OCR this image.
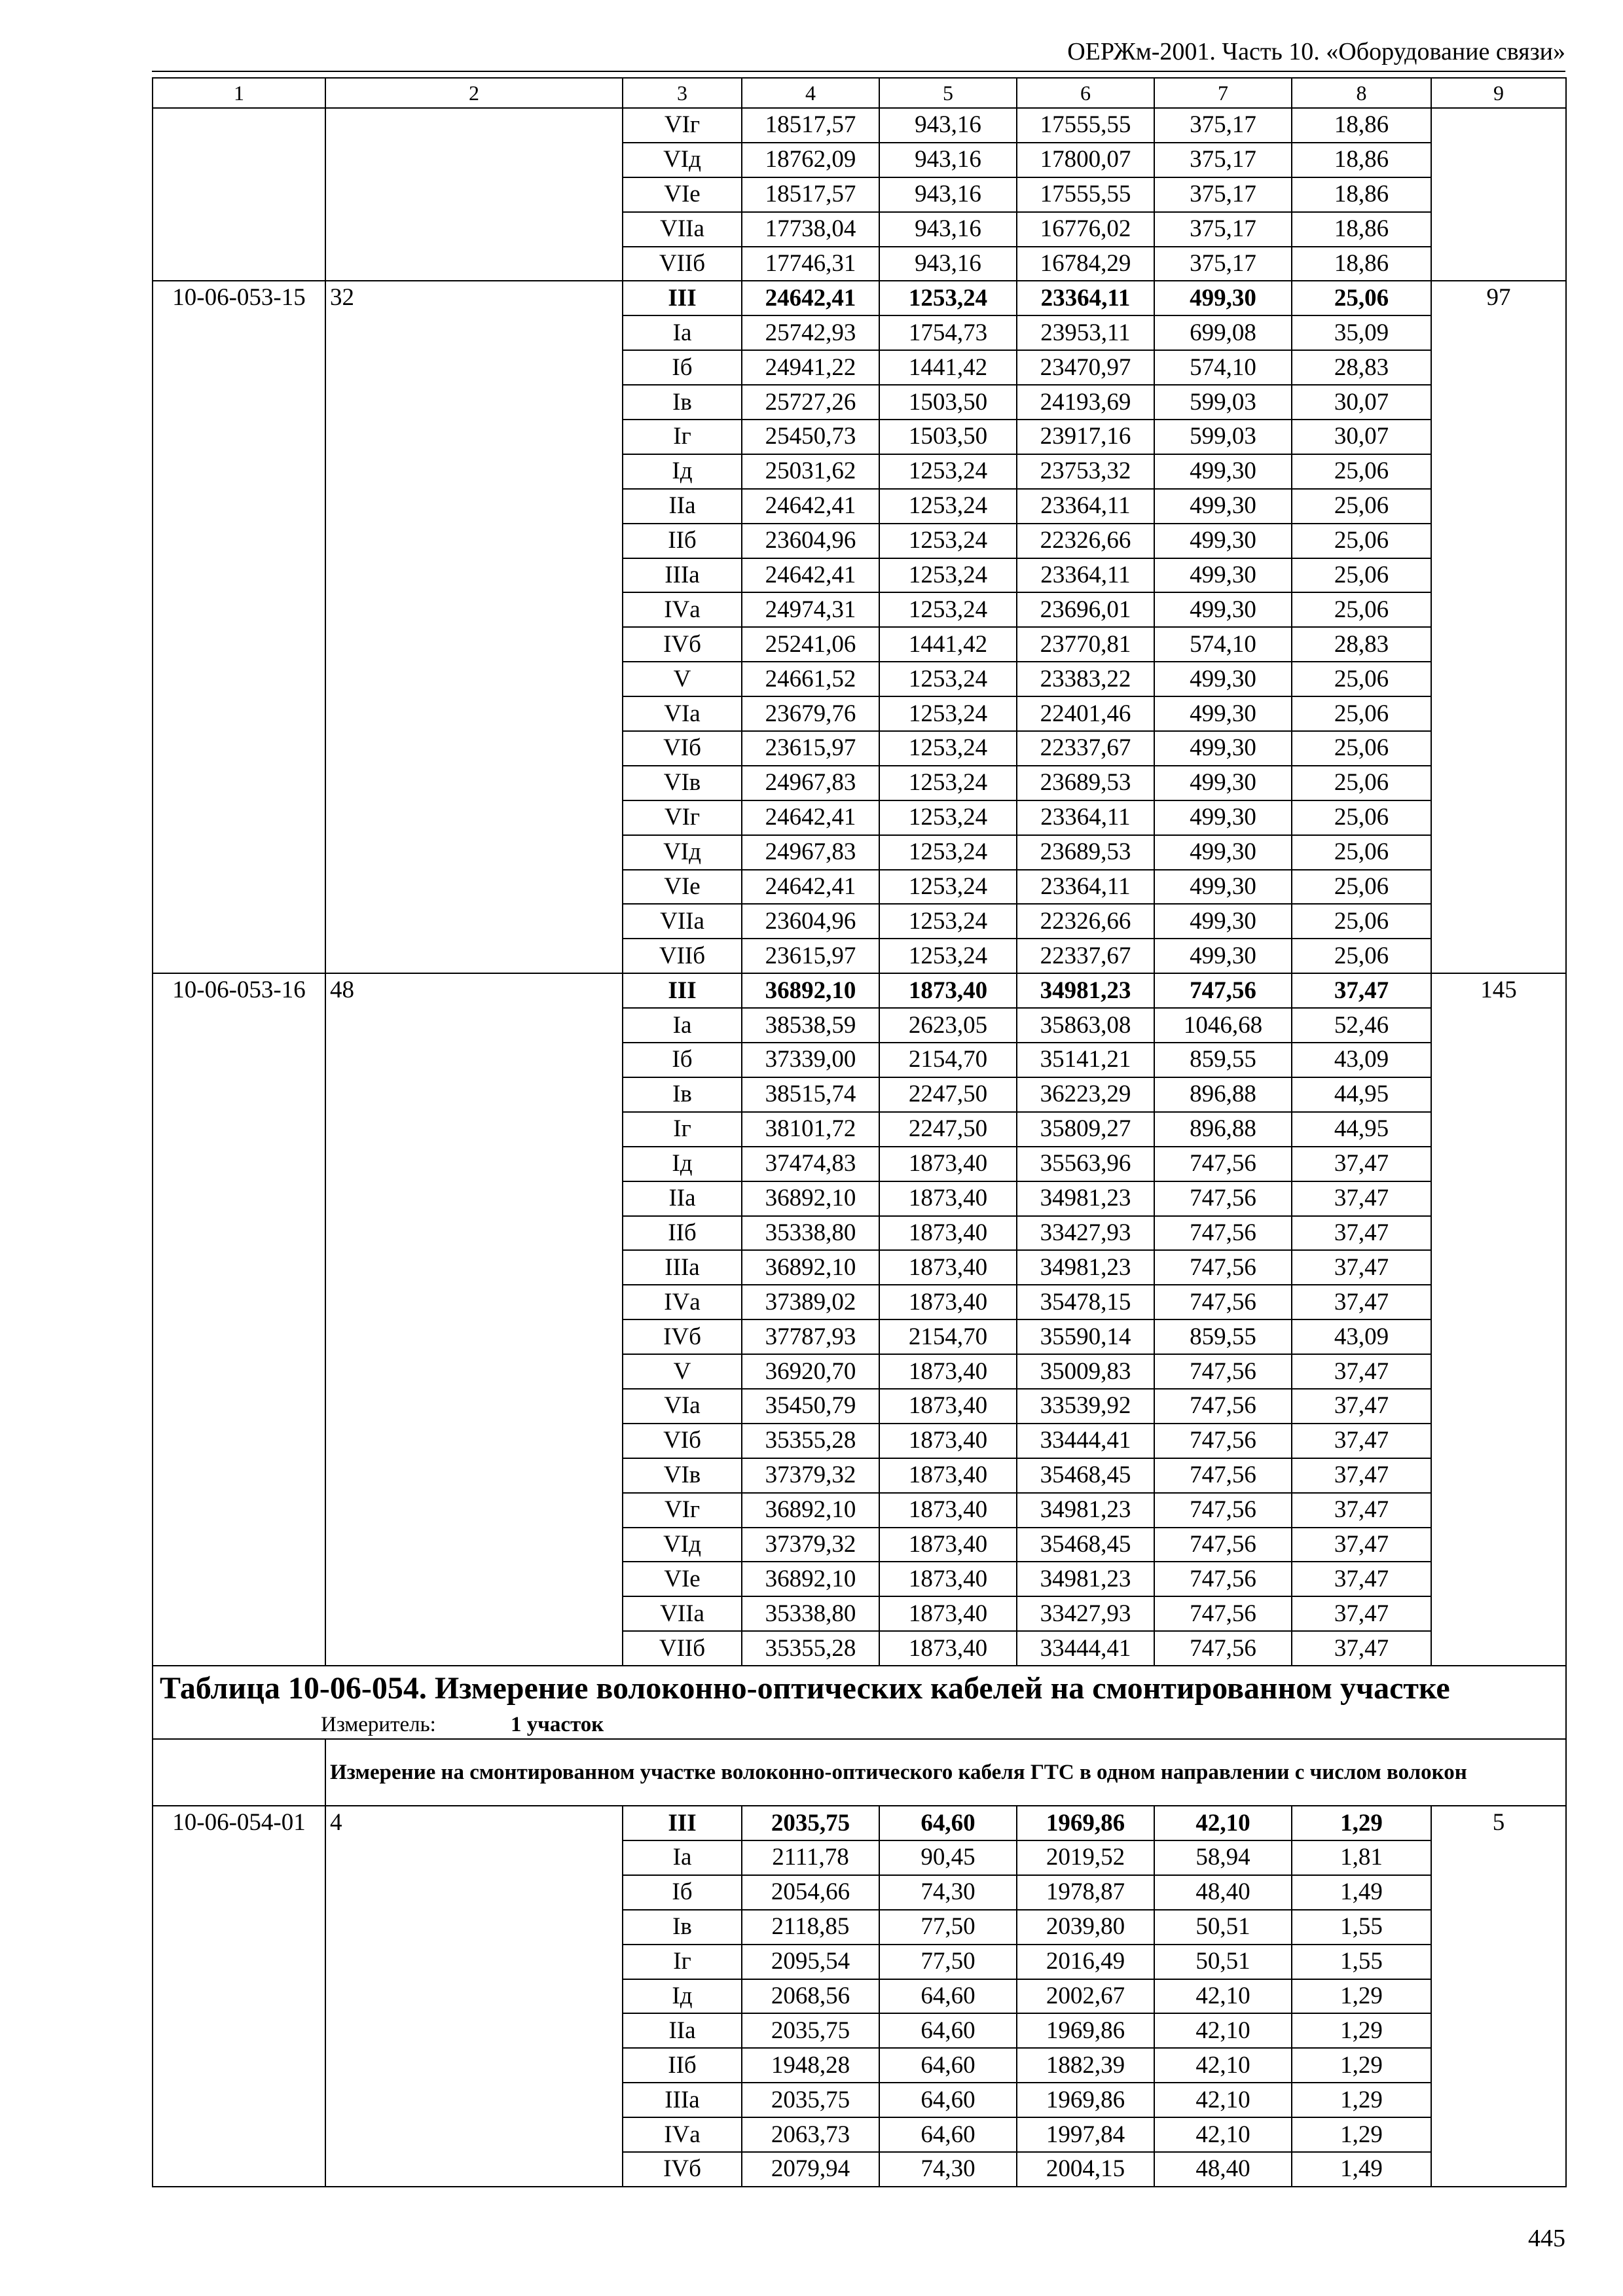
ОЕРЖм-2001. Часть 10. «Оборудование связи»
1	2	3	4	5	6	7	8	9
		VIг	18517,57	943,16	17555,55	375,17	18,86	
		VIд	18762,09	943,16	17800,07	375,17	18,86	
		VIе	18517,57	943,16	17555,55	375,17	18,86	
		VIIа	17738,04	943,16	16776,02	375,17	18,86	
		VIIб	17746,31	943,16	16784,29	375,17	18,86	
10-06-053-15	32	III	24642,41	1253,24	23364,11	499,30	25,06	97
		Iа	25742,93	1754,73	23953,11	699,08	35,09	
		Iб	24941,22	1441,42	23470,97	574,10	28,83	
		Iв	25727,26	1503,50	24193,69	599,03	30,07	
		Iг	25450,73	1503,50	23917,16	599,03	30,07	
		Iд	25031,62	1253,24	23753,32	499,30	25,06	
		IIа	24642,41	1253,24	23364,11	499,30	25,06	
		IIб	23604,96	1253,24	22326,66	499,30	25,06	
		IIIа	24642,41	1253,24	23364,11	499,30	25,06	
		IVа	24974,31	1253,24	23696,01	499,30	25,06	
		IVб	25241,06	1441,42	23770,81	574,10	28,83	
		V	24661,52	1253,24	23383,22	499,30	25,06	
		VIа	23679,76	1253,24	22401,46	499,30	25,06	
		VIб	23615,97	1253,24	22337,67	499,30	25,06	
		VIв	24967,83	1253,24	23689,53	499,30	25,06	
		VIг	24642,41	1253,24	23364,11	499,30	25,06	
		VIд	24967,83	1253,24	23689,53	499,30	25,06	
		VIе	24642,41	1253,24	23364,11	499,30	25,06	
		VIIа	23604,96	1253,24	22326,66	499,30	25,06	
		VIIб	23615,97	1253,24	22337,67	499,30	25,06	
10-06-053-16	48	III	36892,10	1873,40	34981,23	747,56	37,47	145
		Iа	38538,59	2623,05	35863,08	1046,68	52,46	
		Iб	37339,00	2154,70	35141,21	859,55	43,09	
		Iв	38515,74	2247,50	36223,29	896,88	44,95	
		Iг	38101,72	2247,50	35809,27	896,88	44,95	
		Iд	37474,83	1873,40	35563,96	747,56	37,47	
		IIа	36892,10	1873,40	34981,23	747,56	37,47	
		IIб	35338,80	1873,40	33427,93	747,56	37,47	
		IIIа	36892,10	1873,40	34981,23	747,56	37,47	
		IVа	37389,02	1873,40	35478,15	747,56	37,47	
		IVб	37787,93	2154,70	35590,14	859,55	43,09	
		V	36920,70	1873,40	35009,83	747,56	37,47	
		VIа	35450,79	1873,40	33539,92	747,56	37,47	
		VIб	35355,28	1873,40	33444,41	747,56	37,47	
		VIв	37379,32	1873,40	35468,45	747,56	37,47	
		VIг	36892,10	1873,40	34981,23	747,56	37,47	
		VIд	37379,32	1873,40	35468,45	747,56	37,47	
		VIе	36892,10	1873,40	34981,23	747,56	37,47	
		VIIа	35338,80	1873,40	33427,93	747,56	37,47	
		VIIб	35355,28	1873,40	33444,41	747,56	37,47	
Таблица 10-06-054. Измерение волоконно-оптических кабелей на смонтированном участке								
Измеритель: 1 участок								
	Измерение на смонтированном участке волоконно-оптического кабеля ГТС в одном направлении с числом волокон							
10-06-054-01	4	III	2035,75	64,60	1969,86	42,10	1,29	5
		Iа	2111,78	90,45	2019,52	58,94	1,81	
		Iб	2054,66	74,30	1978,87	48,40	1,49	
		Iв	2118,85	77,50	2039,80	50,51	1,55	
		Iг	2095,54	77,50	2016,49	50,51	1,55	
		Iд	2068,56	64,60	2002,67	42,10	1,29	
		IIа	2035,75	64,60	1969,86	42,10	1,29	
		IIб	1948,28	64,60	1882,39	42,10	1,29	
		IIIа	2035,75	64,60	1969,86	42,10	1,29	
		IVа	2063,73	64,60	1997,84	42,10	1,29	
		IVб	2079,94	74,30	2004,15	48,40	1,49	
445
